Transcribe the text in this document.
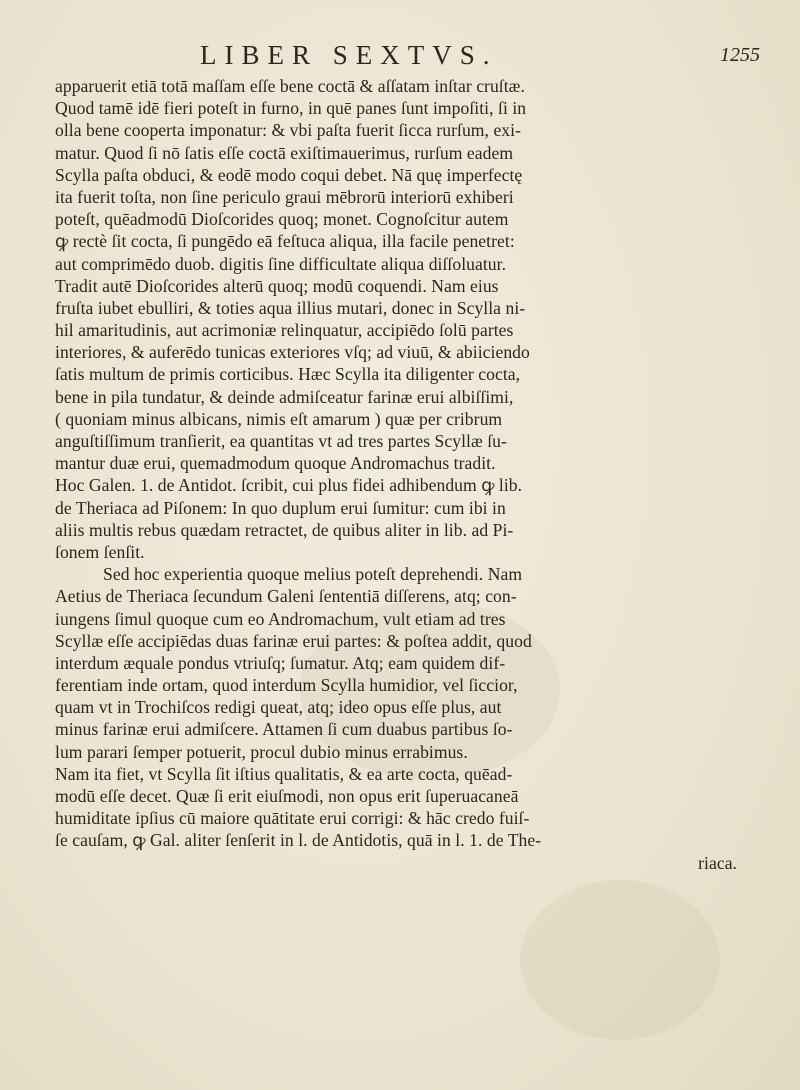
LIBER SEXTVS.	1255
apparuerit etiā totā maſſam eſſe bene coctā & aſſatam inſtar cruſtæ.
Quod tamē idē fieri poteſt in furno, in quē panes ſunt impoſiti, ſi in
olla bene cooperta imponatur: & vbi paſta fuerit ſicca rurſum, exi-
matur. Quod ſi nō ſatis eſſe coctā exiſtimauerimus, rurſum eadem
Scylla paſta obduci, & eodē modo coqui debet. Nā quę imperfectę
ita fuerit toſta, non ſine periculo graui mēbrorū interiorū exhiberi
poteſt, quēadmodū Dioſcorides quoq; monet. Cognoſcitur autem
ꝙ rectè ſit cocta, ſi pungēdo eā feſtuca aliqua, illa facile penetret:
aut comprimēdo duob. digitis ſine difficultate aliqua diſſoluatur.
Tradit autē Dioſcorides alterū quoq; modū coquendi. Nam eius
fruſta iubet ebulliri, & toties aqua illius mutari, donec in Scylla ni-
hil amaritudinis, aut acrimoniæ relinquatur, accipiēdo ſolū partes
interiores, & auferēdo tunicas exteriores vſq; ad viuū, & abiiciendo
ſatis multum de primis corticibus. Hæc Scylla ita diligenter cocta,
bene in pila tundatur, & deinde admiſceatur farinæ erui albiſſimi,
( quoniam minus albicans, nimis eſt amarum ) quæ per cribrum
anguſtiſſimum tranſierit, ea quantitas vt ad tres partes Scyllæ ſu-
mantur duæ erui, quemadmodum quoque Andromachus tradit.
Hoc Galen. 1. de Antidot. ſcribit, cui plus fidei adhibendum ꝙ lib.
de Theriaca ad Piſonem: In quo duplum erui ſumitur: cum ibi in
aliis multis rebus quædam retractet, de quibus aliter in lib. ad Pi-
ſonem ſenſit.
Sed hoc experientia quoque melius poteſt deprehendi. Nam
Aetius de Theriaca ſecundum Galeni ſententiā diſſerens, atq; con-
iungens ſimul quoque cum eo Andromachum, vult etiam ad tres
Scyllæ eſſe accipiēdas duas farinæ erui partes: & poſtea addit, quod
interdum æquale pondus vtriuſq; ſumatur. Atq; eam quidem dif-
ferentiam inde ortam, quod interdum Scylla humidior, vel ſiccior,
quam vt in Trochiſcos redigi queat, atq; ideo opus eſſe plus, aut
minus farinæ erui admiſcere. Attamen ſi cum duabus partibus ſo-
lum parari ſemper potuerit, procul dubio minus errabimus.
Nam ita fiet, vt Scylla ſit iſtius qualitatis, & ea arte cocta, quēad-
modū eſſe decet. Quæ ſi erit eiuſmodi, non opus erit ſuperuacaneā
humiditate ipſius cū maiore quātitate erui corrigi: & hāc credo fuiſ-
ſe cauſam, ꝙ Gal. aliter ſenſerit in l. de Antidotis, quā in l. 1. de The-
riaca.
